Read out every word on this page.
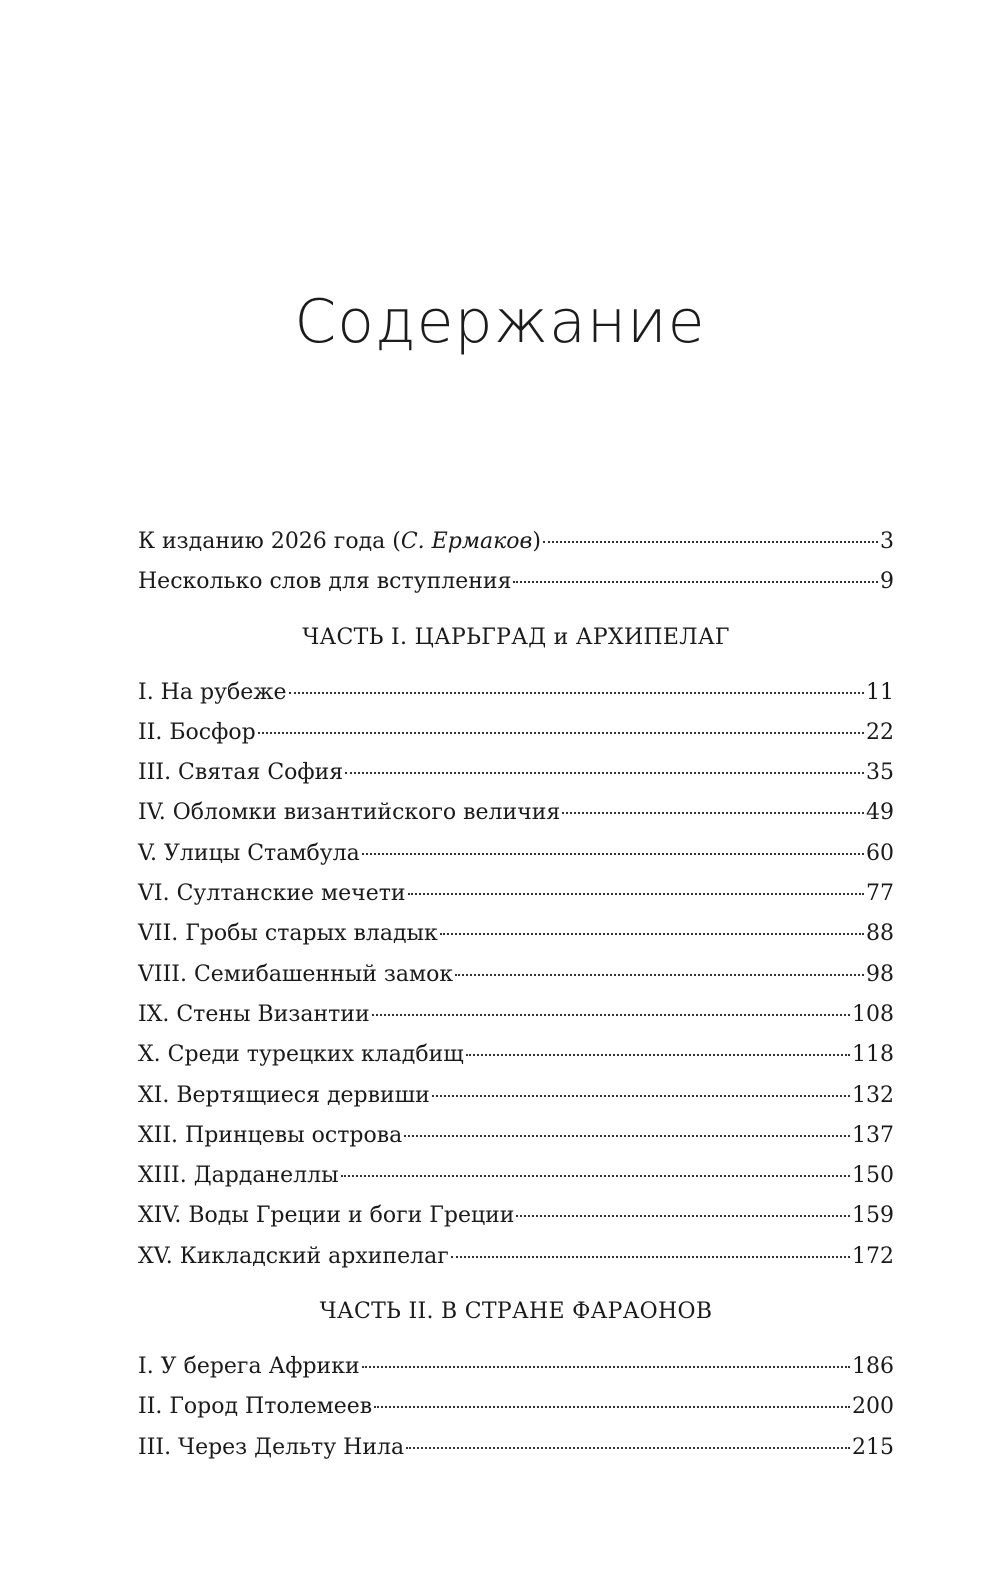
Содержание
К изданию 2026 года (С. Ермаков)	3
Несколько слов для вступления	9
ЧАСТЬ I. ЦАРЬГРАД и АРХИПЕЛАГ
I. На рубеже	11
II. Босфор	22
III. Святая София	35
IV. Обломки византийского величия	49
V. Улицы Стамбула	60
VI. Султанские мечети	77
VII. Гробы старых владык	88
VIII. Семибашенный замок	98
IX. Стены Византии	108
X. Среди турецких кладбищ	118
XI. Вертящиеся дервиши	132
XII. Принцевы острова	137
XIII. Дарданеллы	150
XIV. Воды Греции и боги Греции	159
XV. Кикладский архипелаг	172
ЧАСТЬ II. В СТРАНЕ ФАРАОНОВ
I. У берега Африки	186
II. Город Птолемеев	200
III. Через Дельту Нила	215
